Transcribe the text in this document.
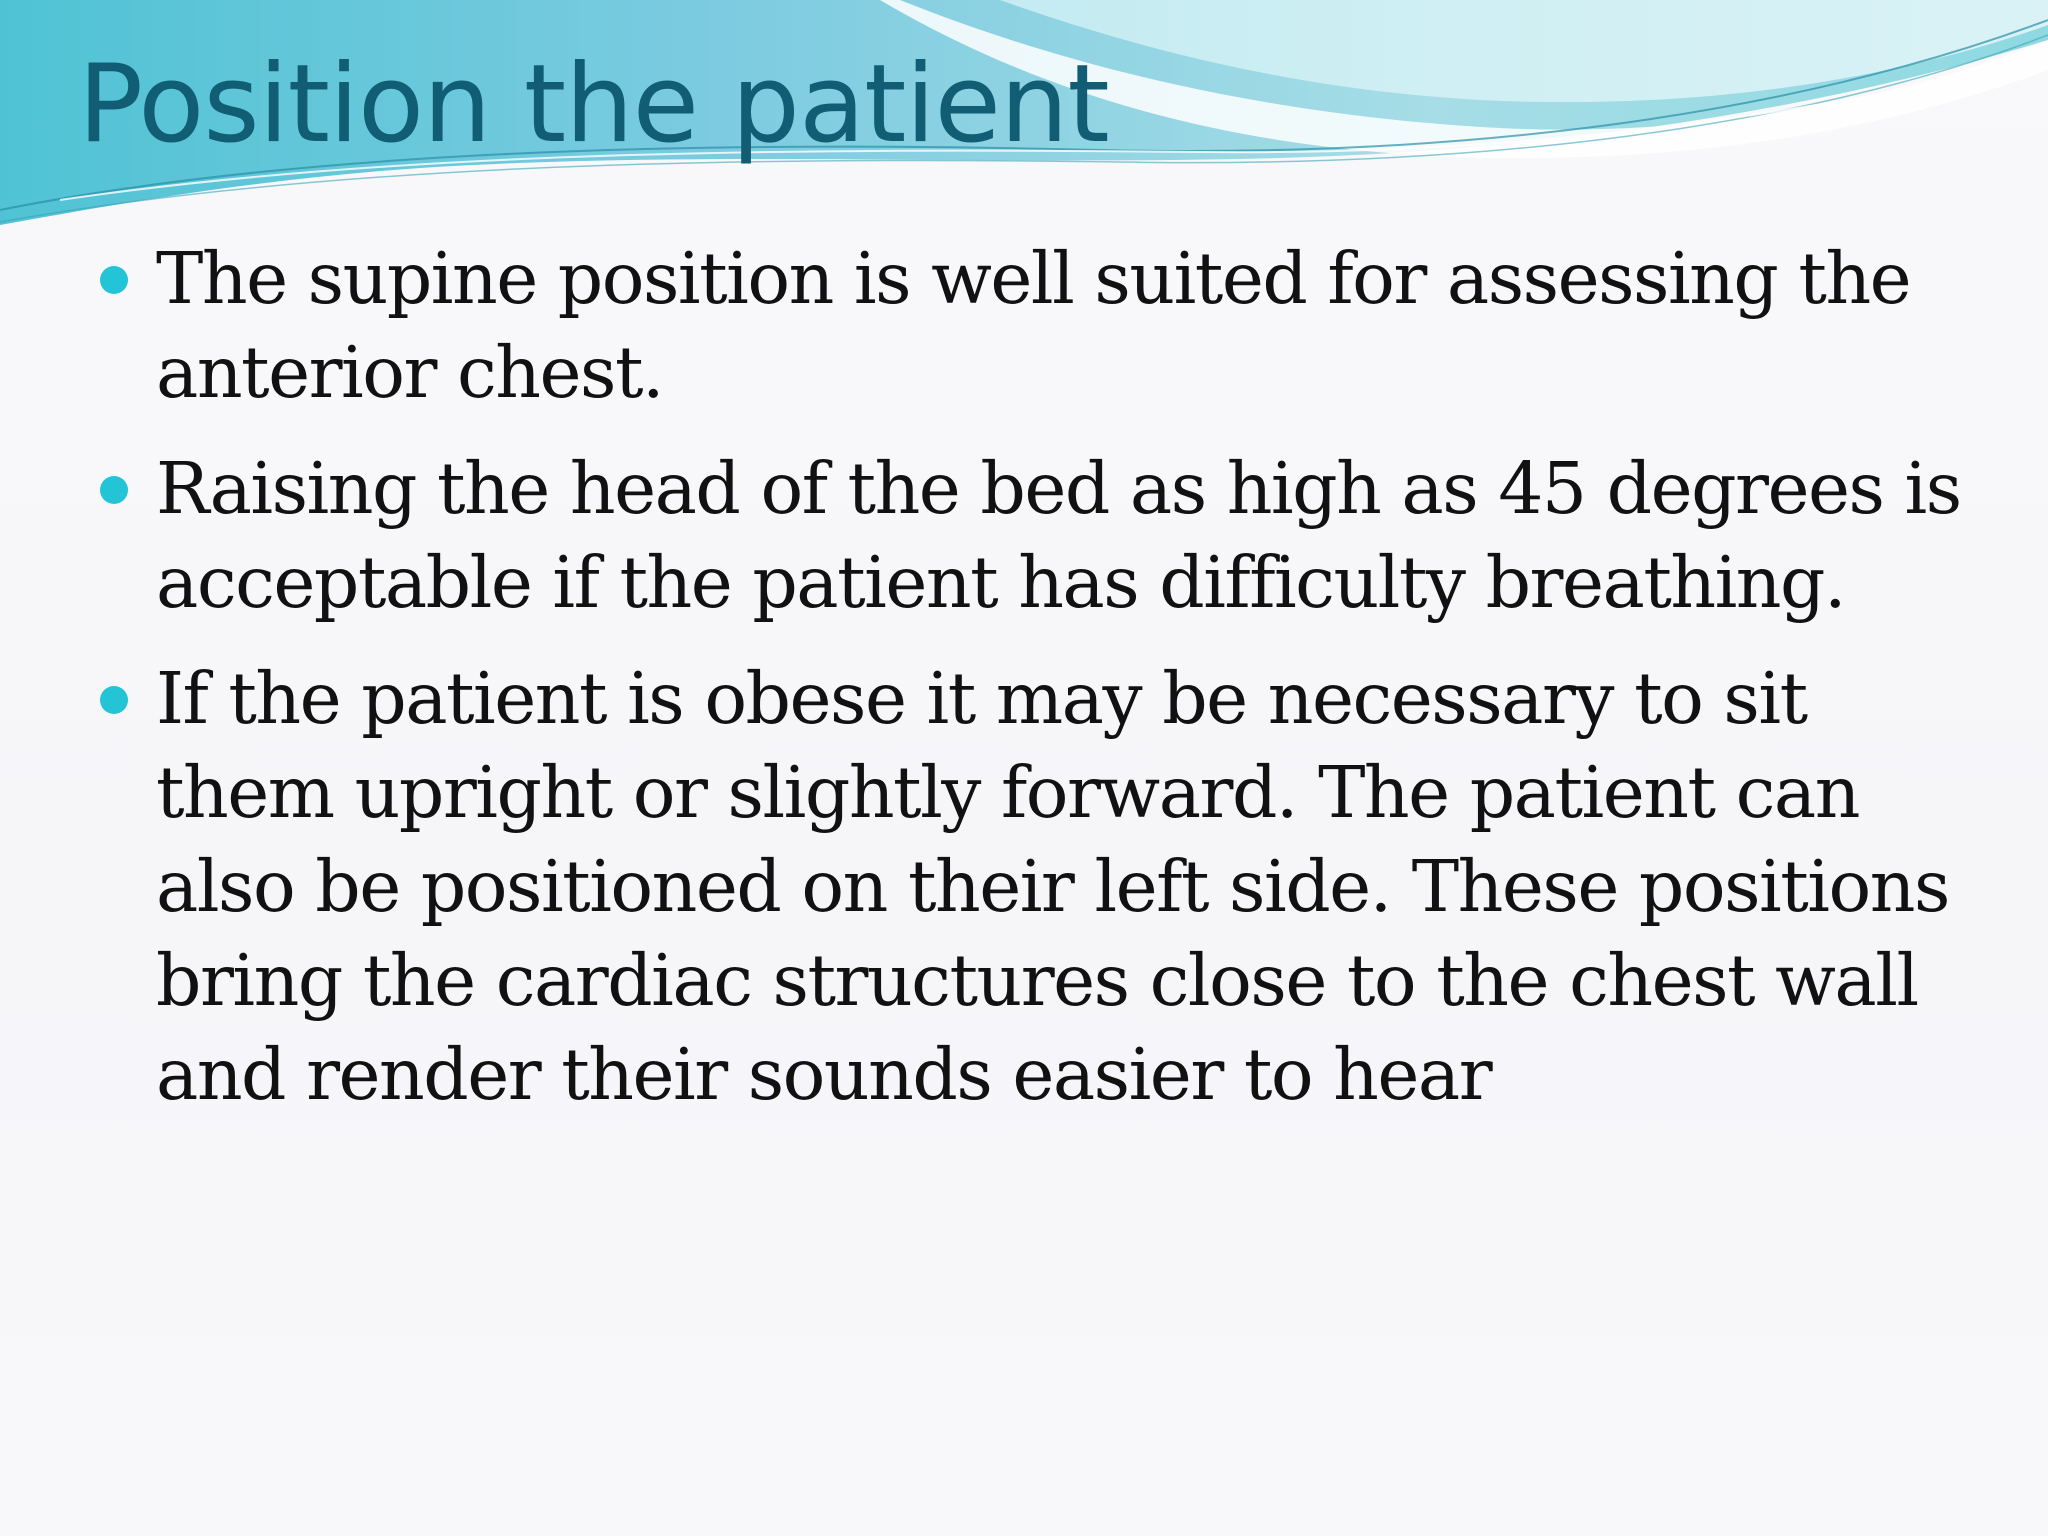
Position the patient
The supine position is well suited for assessing the anterior chest.
Raising the head of the bed as high as 45 degrees is acceptable if the patient has difficulty breathing.
If the patient is obese it may be necessary to sit them upright or slightly forward. The patient can also be positioned on their left side. These positions bring the cardiac structures close to the chest wall and render their sounds easier to hear
